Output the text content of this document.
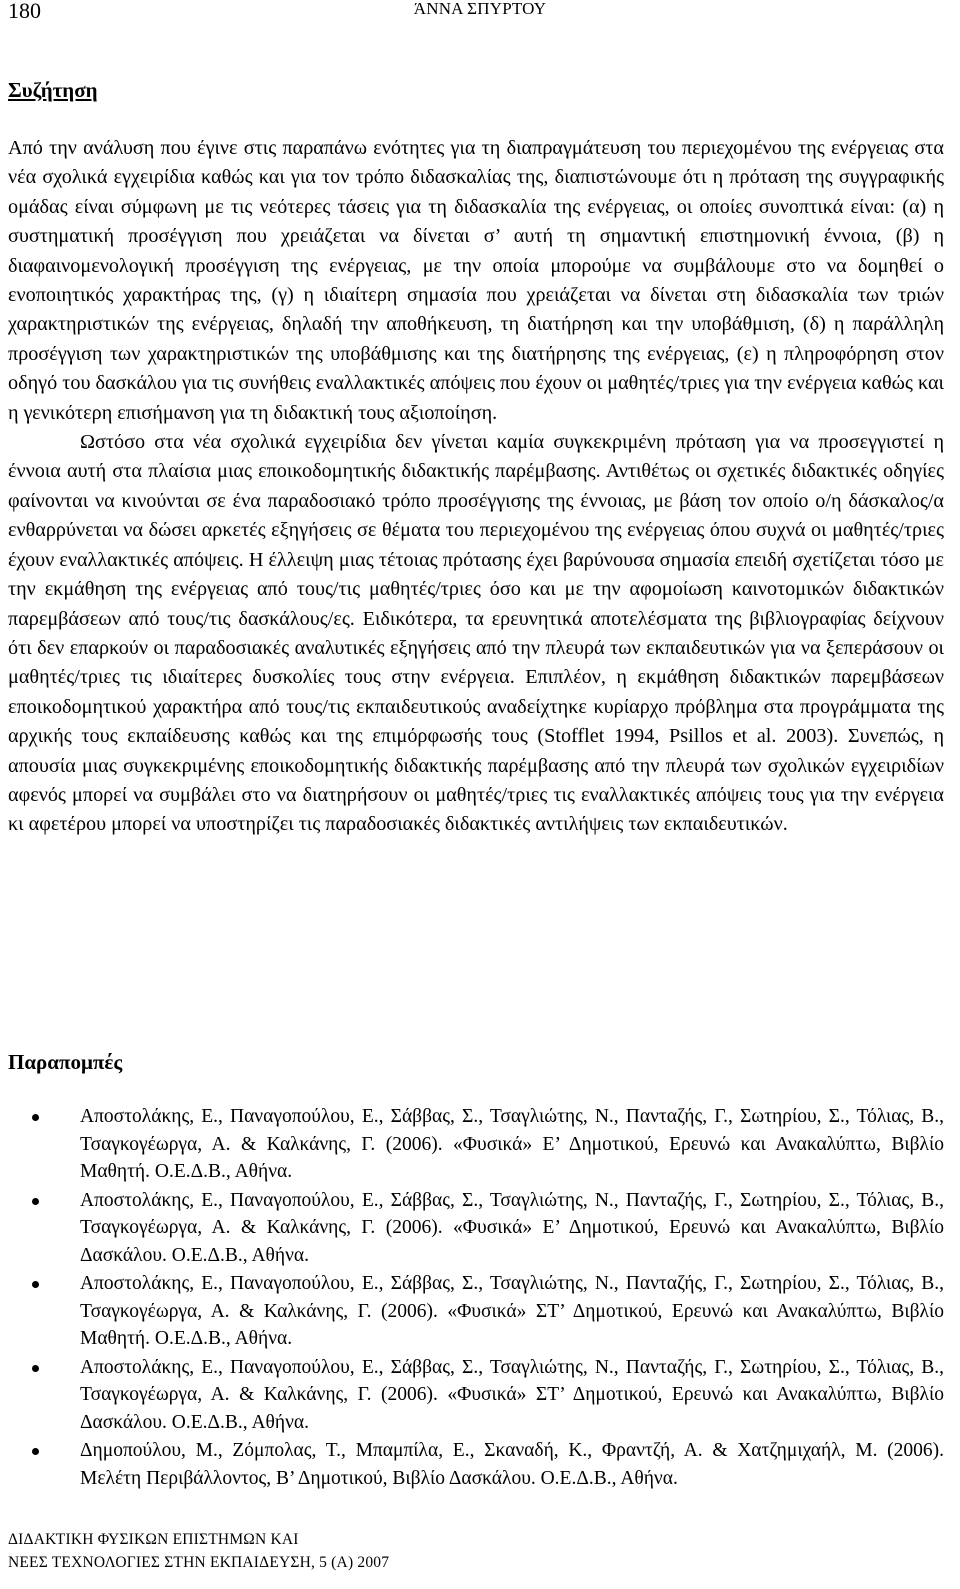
180	ΆΝΝΑ ΣΠΥΡΤΟΥ
Συζήτηση

Από την ανάλυση που έγινε στις παραπάνω ενότητες για τη διαπραγμάτευση του περιεχομένου της ενέργειας στα νέα σχολικά εγχειρίδια καθώς και για τον τρόπο διδασκαλίας της, διαπιστώνουμε ότι η πρόταση της συγγραφικής ομάδας είναι σύμφωνη με τις νεότερες τάσεις για τη διδασκαλία της ενέργειας, οι οποίες συνοπτικά είναι: (α) η συστηματική προσέγγιση που χρειάζεται να δίνεται σ’ αυτή τη σημαντική επιστημονική έννοια, (β) η διαφαινομενολογική προσέγγιση της ενέργειας, με την οποία μπορούμε να συμβάλουμε στο να δομηθεί ο ενοποιητικός χαρακτήρας της, (γ) η ιδιαίτερη σημασία που χρειάζεται να δίνεται στη διδασκαλία των τριών χαρακτηριστικών της ενέργειας, δηλαδή την αποθήκευση, τη διατήρηση και την υποβάθμιση, (δ) η παράλληλη προσέγγιση των χαρακτηριστικών της υποβάθμισης και της διατήρησης της ενέργειας, (ε) η πληροφόρηση στον οδηγό του δασκάλου για τις συνήθεις εναλλακτικές απόψεις που έχουν οι μαθητές/τριες για την ενέργεια καθώς και η γενικότερη επισήμανση για τη διδακτική τους αξιοποίηση.

Ωστόσο στα νέα σχολικά εγχειρίδια δεν γίνεται καμία συγκεκριμένη πρόταση για να προσεγγιστεί η έννοια αυτή στα πλαίσια μιας εποικοδομητικής διδακτικής παρέμβασης. Αντιθέτως οι σχετικές διδακτικές οδηγίες φαίνονται να κινούνται σε ένα παραδοσιακό τρόπο προσέγγισης της έννοιας, με βάση τον οποίο ο/η δάσκαλος/α ενθαρρύνεται να δώσει αρκετές εξηγήσεις σε θέματα του περιεχομένου της ενέργειας όπου συχνά οι μαθητές/τριες έχουν εναλλακτικές απόψεις. Η έλλειψη μιας τέτοιας πρότασης έχει βαρύνουσα σημασία επειδή σχετίζεται τόσο με την εκμάθηση της ενέργειας από τους/τις μαθητές/τριες όσο και με την αφομοίωση καινοτομικών διδακτικών παρεμβάσεων από τους/τις δασκάλους/ες. Ειδικότερα, τα ερευνητικά αποτελέσματα της βιβλιογραφίας δείχνουν ότι δεν επαρκούν οι παραδοσιακές αναλυτικές εξηγήσεις από την πλευρά των εκπαιδευτικών για να ξεπεράσουν οι μαθητές/τριες τις ιδιαίτερες δυσκολίες τους στην ενέργεια. Επιπλέον, η εκμάθηση διδακτικών παρεμβάσεων εποικοδομητικού χαρακτήρα από τους/τις εκπαιδευτικούς αναδείχτηκε κυρίαρχο πρόβλημα στα προγράμματα της αρχικής τους εκπαίδευσης καθώς και της επιμόρφωσής τους (Stofflet 1994, Psillos et al. 2003). Συνεπώς, η απουσία μιας συγκεκριμένης εποικοδομητικής διδακτικής παρέμβασης από την πλευρά των σχολικών εγχειριδίων αφενός μπορεί να συμβάλει στο να διατηρήσουν οι μαθητές/τριες τις εναλλακτικές απόψεις τους για την ενέργεια κι αφετέρου μπορεί να υποστηρίζει τις παραδοσιακές διδακτικές αντιλήψεις των εκπαιδευτικών.

Παραπομπές
Αποστολάκης, Ε., Παναγοπούλου, Ε., Σάββας, Σ., Τσαγλιώτης, Ν., Πανταζής, Γ., Σωτηρίου, Σ., Τόλιας, Β., Τσαγκογέωργα, Α. & Καλκάνης, Γ. (2006). «Φυσικά» Ε’ Δημοτικού, Ερευνώ και Ανακαλύπτω, Βιβλίο Μαθητή. Ο.Ε.Δ.Β., Αθήνα.
Αποστολάκης, Ε., Παναγοπούλου, Ε., Σάββας, Σ., Τσαγλιώτης, Ν., Πανταζής, Γ., Σωτηρίου, Σ., Τόλιας, Β., Τσαγκογέωργα, Α. & Καλκάνης, Γ. (2006). «Φυσικά» Ε’ Δημοτικού, Ερευνώ και Ανακαλύπτω, Βιβλίο Δασκάλου. Ο.Ε.Δ.Β., Αθήνα.
Αποστολάκης, Ε., Παναγοπούλου, Ε., Σάββας, Σ., Τσαγλιώτης, Ν., Πανταζής, Γ., Σωτηρίου, Σ., Τόλιας, Β., Τσαγκογέωργα, Α. & Καλκάνης, Γ. (2006). «Φυσικά» ΣΤ’ Δημοτικού, Ερευνώ και Ανακαλύπτω, Βιβλίο Μαθητή. Ο.Ε.Δ.Β., Αθήνα.
Αποστολάκης, Ε., Παναγοπούλου, Ε., Σάββας, Σ., Τσαγλιώτης, Ν., Πανταζής, Γ., Σωτηρίου, Σ., Τόλιας, Β., Τσαγκογέωργα, Α. & Καλκάνης, Γ. (2006). «Φυσικά» ΣΤ’ Δημοτικού, Ερευνώ και Ανακαλύπτω, Βιβλίο Δασκάλου. Ο.Ε.Δ.Β., Αθήνα.
Δημοπούλου, Μ., Ζόμπολας, Τ., Μπαμπίλα, Ε., Σκαναδή, Κ., Φραντζή, Α. & Χατζημιχαήλ, Μ. (2006). Μελέτη Περιβάλλοντος, Β’ Δημοτικού, Βιβλίο Δασκάλου. Ο.Ε.Δ.Β., Αθήνα.
ΔΙΔΑΚΤΙΚΗ ΦΥΣΙΚΩΝ ΕΠΙΣΤΗΜΩΝ ΚΑΙ
ΝΕΕΣ ΤΕΧΝΟΛΟΓΙΕΣ ΣΤΗΝ ΕΚΠΑΙΔΕΥΣΗ, 5 (Α) 2007
